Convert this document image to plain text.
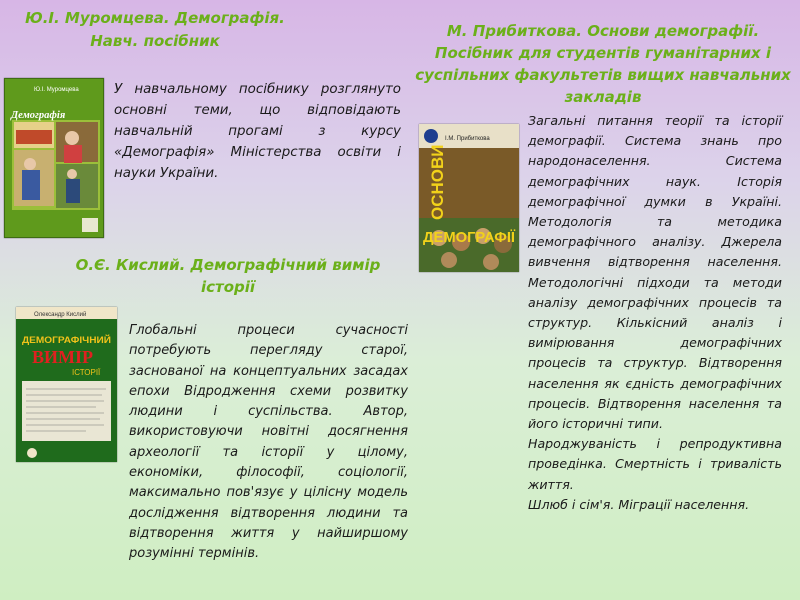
Ю.І. Муромцева. Демографія.
Навч. посібник
Ю.І. Муромцева
Демографія

У навчальному посібнику розглянуто основні теми, що відповідають навчальній прогамі з курсу «Демографія» Міністерства освіти і науки України.

М. Прибиткова. Основи демографії. Посібник для студентів гуманітарних і суспільних факультетів вищих навчальних закладів
І.М. Прибиткова
ОСНОВИ
ДЕМОГРАФІЇ

Загальні питання теорії та історії демографії. Система знань про народонаселення. Система демографічних наук. Історія демографічної думки в Україні. Методологія та методика демографічного аналізу. Джерела вивчення відтворення населення. Методологічні підходи та методи аналізу демографічних процесів та структур. Кількісний аналіз і вимірювання демографічних процесів та структур. Відтворення населення як єдність демографічних процесів. Відтворення населення та його історичні типи.

Народжуваність і репродуктивна проведінка. Смертність і тривалість життя.

Шлюб і сім'я. Міграції населення.

О.Є. Кислий. Демографічний вимір історії
Олександр Кислий
ДЕМОГРАФІЧНИЙ
ВИМІР
ІСТОРІЇ

Глобальні процеси сучасності потребують перегляду старої, заснованої на концептуальних засадах епохи Відродження схеми розвитку людини і суспільства. Автор, використовуючи новітні досягнення археології та історії у цілому, економіки, філософії, соціології, максимально пов'язує у цілісну модель дослідження відтворення людини та відтворення життя у найширшому розумінні термінів.
